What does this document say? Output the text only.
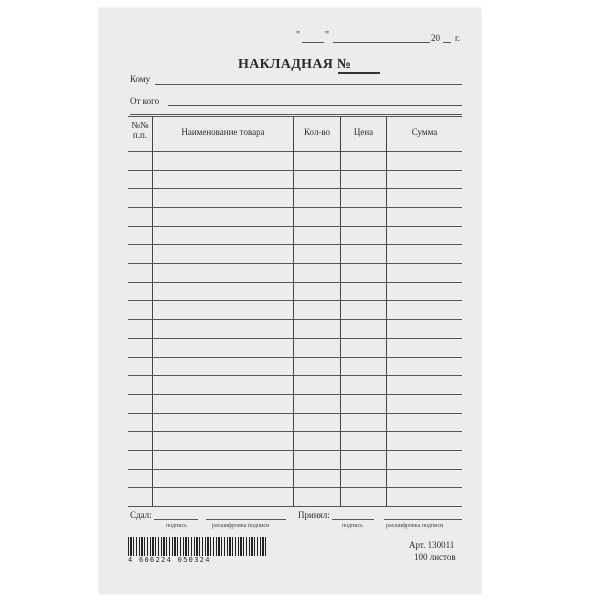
" "	20 г.
НАКЛАДНАЯ №
Кому
От кого
№№ п.п.	Наименование товара	Кол-во	Цена	Сумма
Сдал:
подпись	расшифровка подписи
Принял:
подпись	расшифровка подписи
4 606224 050324
Арт. 130011
100 листов
